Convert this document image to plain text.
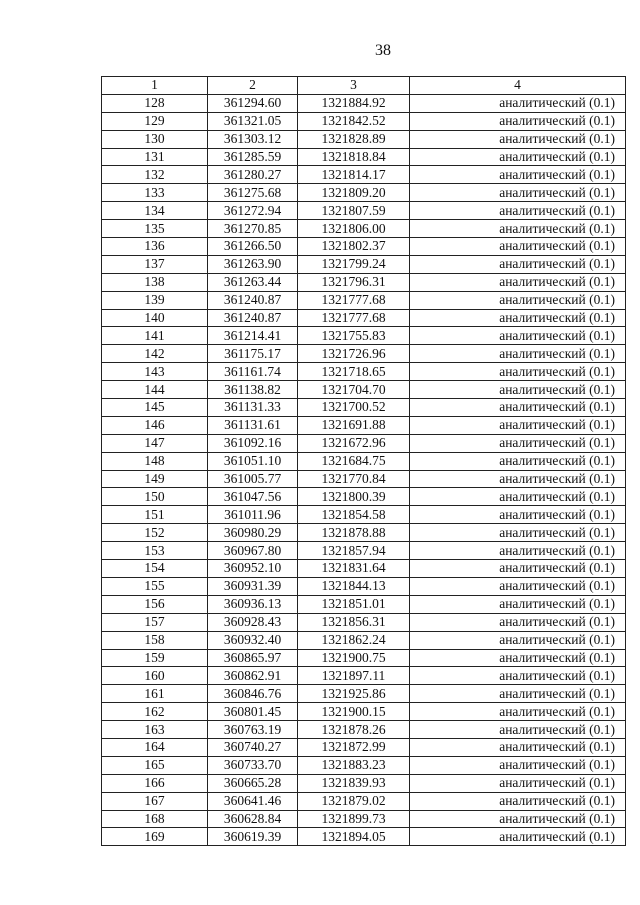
38
1	2	3	4
128	361294.60	1321884.92	аналитический (0.1)
129	361321.05	1321842.52	аналитический (0.1)
130	361303.12	1321828.89	аналитический (0.1)
131	361285.59	1321818.84	аналитический (0.1)
132	361280.27	1321814.17	аналитический (0.1)
133	361275.68	1321809.20	аналитический (0.1)
134	361272.94	1321807.59	аналитический (0.1)
135	361270.85	1321806.00	аналитический (0.1)
136	361266.50	1321802.37	аналитический (0.1)
137	361263.90	1321799.24	аналитический (0.1)
138	361263.44	1321796.31	аналитический (0.1)
139	361240.87	1321777.68	аналитический (0.1)
140	361240.87	1321777.68	аналитический (0.1)
141	361214.41	1321755.83	аналитический (0.1)
142	361175.17	1321726.96	аналитический (0.1)
143	361161.74	1321718.65	аналитический (0.1)
144	361138.82	1321704.70	аналитический (0.1)
145	361131.33	1321700.52	аналитический (0.1)
146	361131.61	1321691.88	аналитический (0.1)
147	361092.16	1321672.96	аналитический (0.1)
148	361051.10	1321684.75	аналитический (0.1)
149	361005.77	1321770.84	аналитический (0.1)
150	361047.56	1321800.39	аналитический (0.1)
151	361011.96	1321854.58	аналитический (0.1)
152	360980.29	1321878.88	аналитический (0.1)
153	360967.80	1321857.94	аналитический (0.1)
154	360952.10	1321831.64	аналитический (0.1)
155	360931.39	1321844.13	аналитический (0.1)
156	360936.13	1321851.01	аналитический (0.1)
157	360928.43	1321856.31	аналитический (0.1)
158	360932.40	1321862.24	аналитический (0.1)
159	360865.97	1321900.75	аналитический (0.1)
160	360862.91	1321897.11	аналитический (0.1)
161	360846.76	1321925.86	аналитический (0.1)
162	360801.45	1321900.15	аналитический (0.1)
163	360763.19	1321878.26	аналитический (0.1)
164	360740.27	1321872.99	аналитический (0.1)
165	360733.70	1321883.23	аналитический (0.1)
166	360665.28	1321839.93	аналитический (0.1)
167	360641.46	1321879.02	аналитический (0.1)
168	360628.84	1321899.73	аналитический (0.1)
169	360619.39	1321894.05	аналитический (0.1)
